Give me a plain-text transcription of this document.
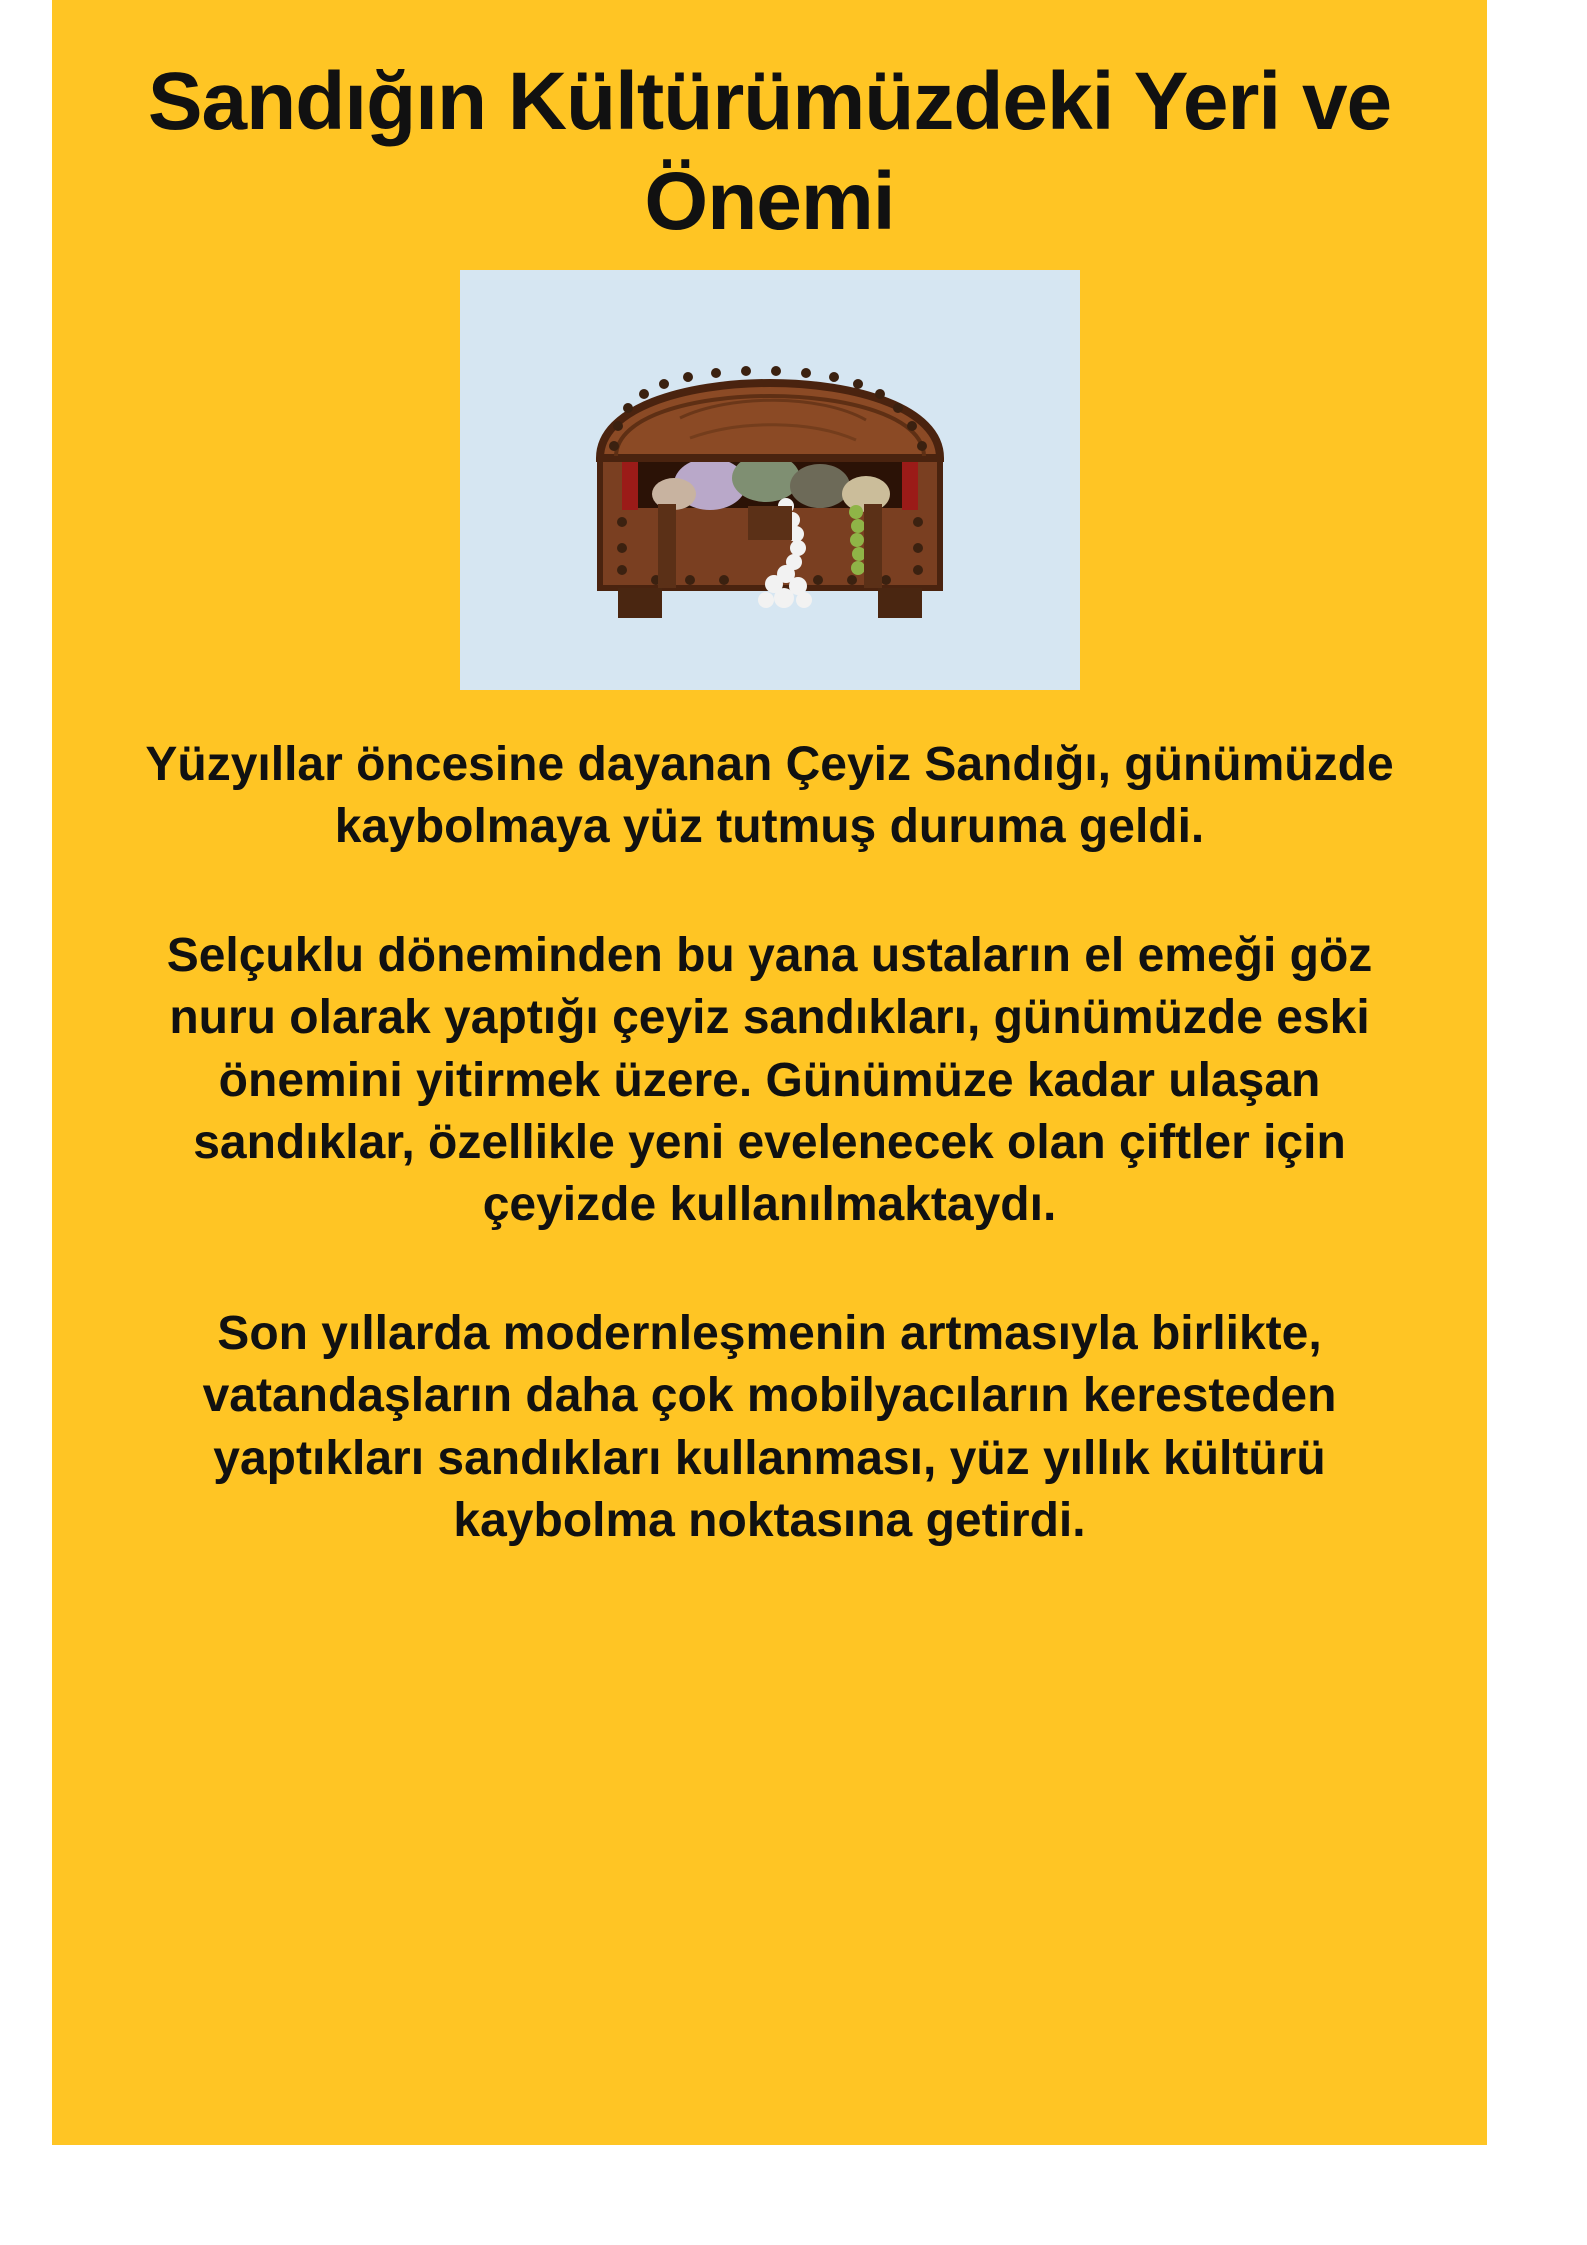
Sandığın Kültürümüzdeki Yeri ve Önemi

Yüzyıllar öncesine dayanan Çeyiz Sandığı, günümüzde kaybolmaya yüz tutmuş duruma geldi.

Selçuklu döneminden bu yana ustaların el emeği göz nuru olarak yaptığı çeyiz sandıkları, günümüzde eski önemini yitirmek üzere. Günümüze kadar ulaşan sandıklar, özellikle yeni evelenecek olan çiftler için çeyizde kullanılmaktaydı.

Son yıllarda modernleşmenin artmasıyla birlikte, vatandaşların daha çok mobilyacıların keresteden yaptıkları sandıkları kullanması, yüz yıllık kültürü kaybolma noktasına getirdi.
